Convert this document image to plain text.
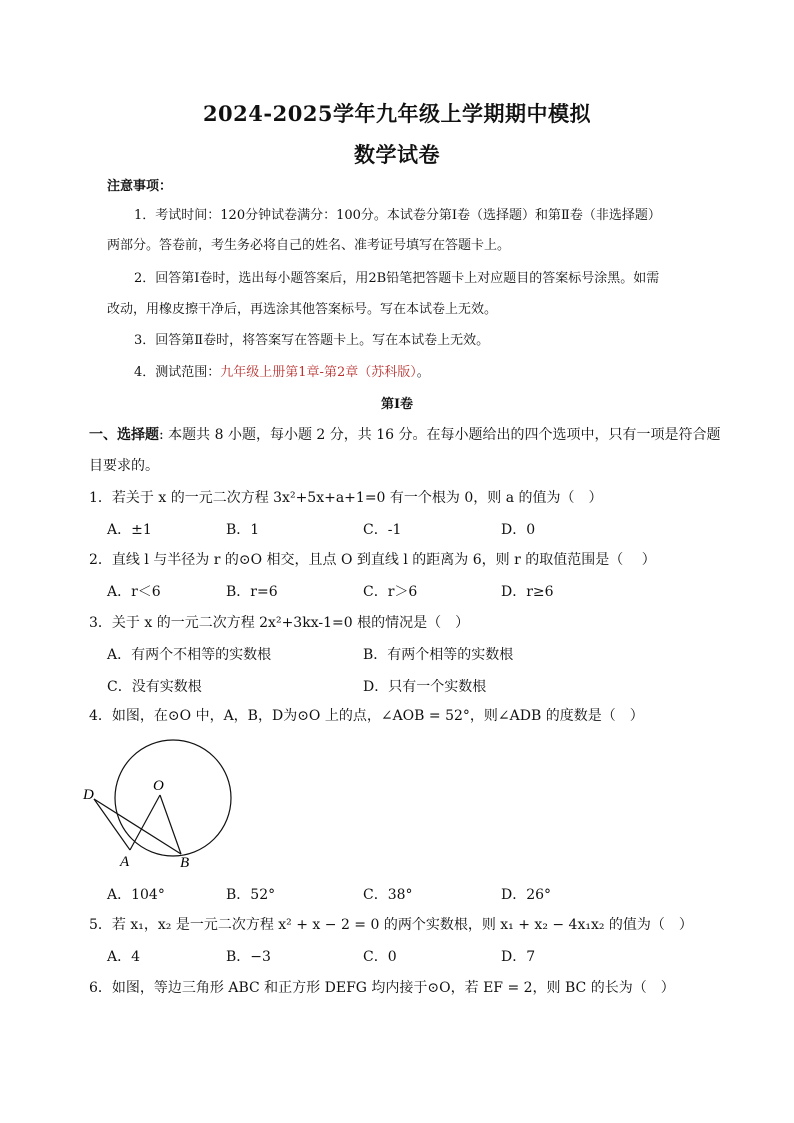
2024-2025学年九年级上学期期中模拟
数学试卷
注意事项：
1．考试时间：120分钟试卷满分：100分。本试卷分第Ⅰ卷（选择题）和第Ⅱ卷（非选择题）
两部分。答卷前，考生务必将自己的姓名、准考证号填写在答题卡上。
2．回答第Ⅰ卷时，选出每小题答案后，用2B铅笔把答题卡上对应题目的答案标号涂黑。如需
改动，用橡皮擦干净后，再选涂其他答案标号。写在本试卷上无效。
3．回答第Ⅱ卷时，将答案写在答题卡上。写在本试卷上无效。
4．测试范围：九年级上册第1章-第2章（苏科版）。
第Ⅰ卷
一、选择题: 本题共 8 小题，每小题 2 分，共 16 分。在每小题给出的四个选项中，只有一项是符合题
目要求的。
1．若关于 x 的一元二次方程 3x²+5x+a+1=0 有一个根为 0，则 a 的值为（　）
A．±1	B．1	C．-1	D．0
2．直线 l 与半径为 r 的⊙O 相交，且点 O 到直线 l 的距离为 6，则 r 的取值范围是（　 ）
A．r＜6	B．r=6	C．r＞6	D．r≥6
3．关于 x 的一元二次方程 2x²+3kx-1=0 根的情况是（　）
A．有两个不相等的实数根	B．有两个相等的实数根
C．没有实数根	D．只有一个实数根
4．如图，在⊙O 中，A，B，D为⊙O 上的点，∠AOB = 52°，则∠ADB 的度数是（　）
D
O
A	B
A．104°	B．52°	C．38°	D．26°
5．若 x₁，x₂ 是一元二次方程 x² + x − 2 = 0 的两个实数根，则 x₁ + x₂ − 4x₁x₂ 的值为（　）
A．4	B．−3	C．0	D．7
6．如图，等边三角形 ABC 和正方形 DEFG 均内接于⊙O，若 EF = 2，则 BC 的长为（　）
